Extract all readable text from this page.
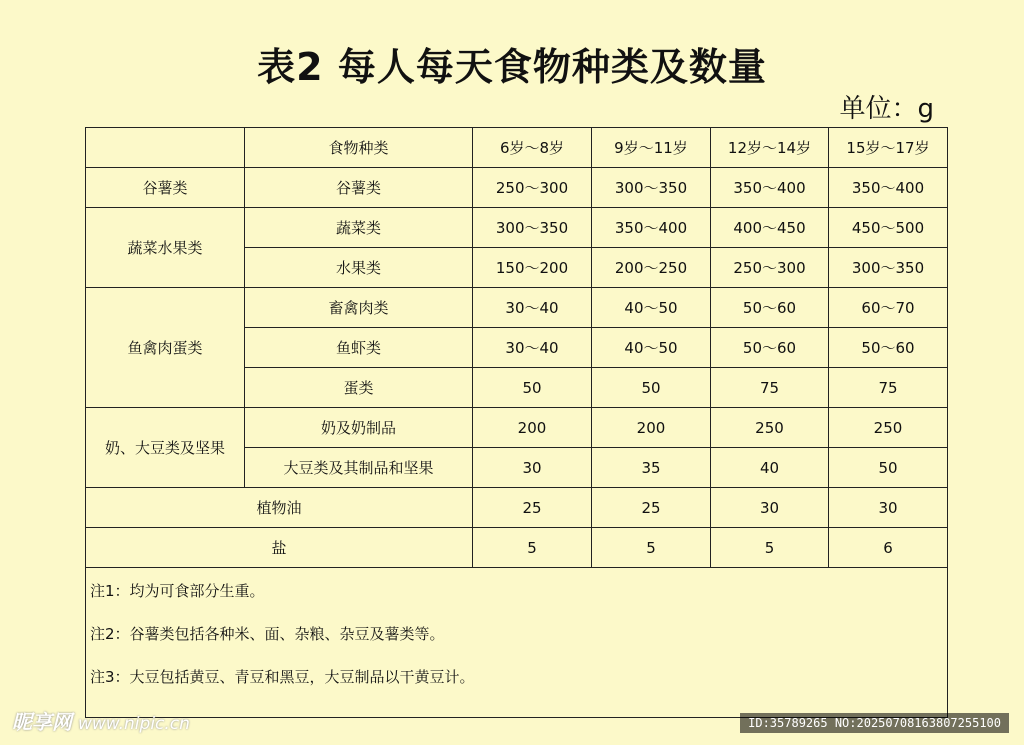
表2 每人每天食物种类及数量
单位：g
	食物种类	6岁～8岁	9岁～11岁	12岁～14岁	15岁～17岁
谷薯类	谷薯类	250～300	300～350	350～400	350～400
蔬菜水果类	蔬菜类	300～350	350～400	400～450	450～500
	水果类	150～200	200～250	250～300	300～350
鱼禽肉蛋类	畜禽肉类	30～40	40～50	50～60	60～70
	鱼虾类	30～40	40～50	50～60	50～60
	蛋类	50	50	75	75
奶、大豆类及坚果	奶及奶制品	200	200	250	250
	大豆类及其制品和坚果	30	35	40	50
植物油		25	25	30	30
盐		5	5	5	6

注1：均为可食部分生重。
注2：谷薯类包括各种米、面、杂粮、杂豆及薯类等。
注3：大豆包括黄豆、青豆和黑豆，大豆制品以干黄豆计。					
昵享网 www.nipic.cn	ID:35789265 NO:20250708163807255100
